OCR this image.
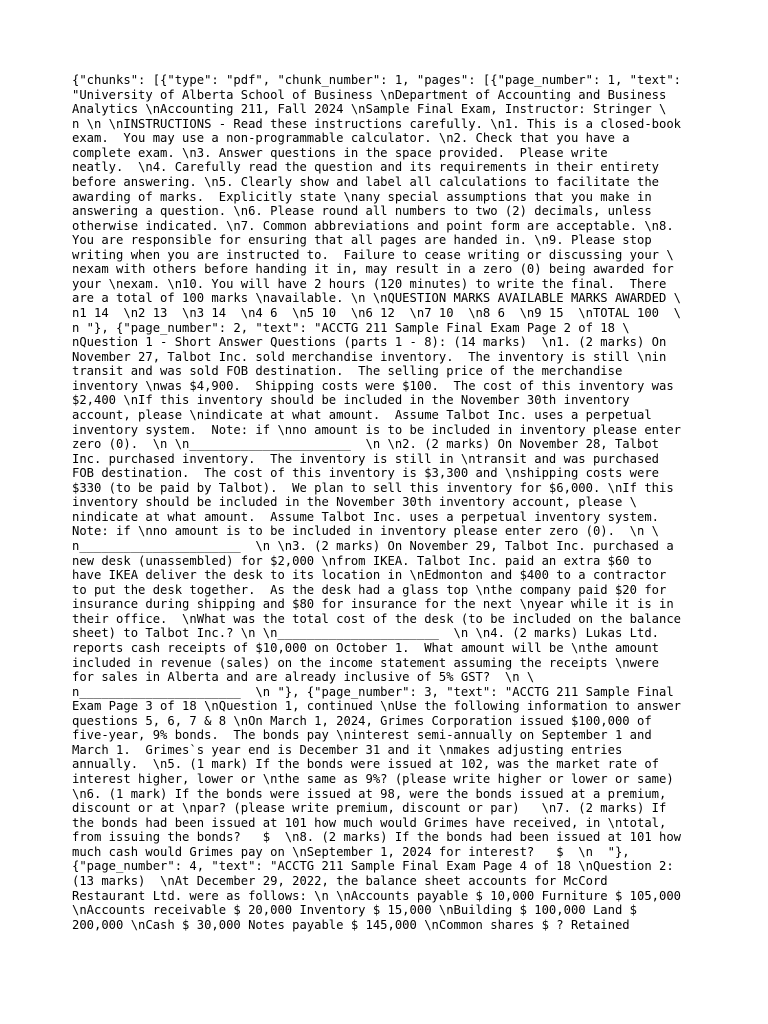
{"chunks": [{"type": "pdf", "chunk_number": 1, "pages": [{"page_number": 1, "text":
"University of Alberta School of Business \nDepartment of Accounting and Business
Analytics \nAccounting 211, Fall 2024 \nSample Final Exam, Instructor: Stringer \
n \n \nINSTRUCTIONS - Read these instructions carefully. \n1. This is a closed-book
exam.  You may use a non-programmable calculator. \n2. Check that you have a
complete exam. \n3. Answer questions in the space provided.  Please write
neatly.  \n4. Carefully read the question and its requirements in their entirety
before answering. \n5. Clearly show and label all calculations to facilitate the
awarding of marks.  Explicitly state \nany special assumptions that you make in
answering a question. \n6. Please round all numbers to two (2) decimals, unless
otherwise indicated. \n7. Common abbreviations and point form are acceptable. \n8.
You are responsible for ensuring that all pages are handed in. \n9. Please stop
writing when you are instructed to.  Failure to cease writing or discussing your \
nexam with others before handing it in, may result in a zero (0) being awarded for
your \nexam. \n10. You will have 2 hours (120 minutes) to write the final.  There
are a total of 100 marks \navailable. \n \nQUESTION MARKS AVAILABLE MARKS AWARDED \
n1 14  \n2 13  \n3 14  \n4 6  \n5 10  \n6 12  \n7 10  \n8 6  \n9 15  \nTOTAL 100  \
n "}, {"page_number": 2, "text": "ACCTG 211 Sample Final Exam Page 2 of 18 \
nQuestion 1 - Short Answer Questions (parts 1 - 8): (14 marks)  \n1. (2 marks) On
November 27, Talbot Inc. sold merchandise inventory.  The inventory is still \nin
transit and was sold FOB destination.  The selling price of the merchandise
inventory \nwas $4,900.  Shipping costs were $100.  The cost of this inventory was
$2,400 \nIf this inventory should be included in the November 30th inventory
account, please \nindicate at what amount.  Assume Talbot Inc. uses a perpetual
inventory system.  Note: if \nno amount is to be included in inventory please enter
zero (0).  \n \n______________________  \n \n2. (2 marks) On November 28, Talbot
Inc. purchased inventory.  The inventory is still in \ntransit and was purchased
FOB destination.  The cost of this inventory is $3,300 and \nshipping costs were
$330 (to be paid by Talbot).  We plan to sell this inventory for $6,000. \nIf this
inventory should be included in the November 30th inventory account, please \
nindicate at what amount.  Assume Talbot Inc. uses a perpetual inventory system.
Note: if \nno amount is to be included in inventory please enter zero (0).  \n \
n______________________  \n \n3. (2 marks) On November 29, Talbot Inc. purchased a
new desk (unassembled) for $2,000 \nfrom IKEA. Talbot Inc. paid an extra $60 to
have IKEA deliver the desk to its location in \nEdmonton and $400 to a contractor
to put the desk together.  As the desk had a glass top \nthe company paid $20 for
insurance during shipping and $80 for insurance for the next \nyear while it is in
their office.  \nWhat was the total cost of the desk (to be included on the balance
sheet) to Talbot Inc.? \n \n______________________  \n \n4. (2 marks) Lukas Ltd.
reports cash receipts of $10,000 on October 1.  What amount will be \nthe amount
included in revenue (sales) on the income statement assuming the receipts \nwere
for sales in Alberta and are already inclusive of 5% GST?  \n \
n______________________  \n "}, {"page_number": 3, "text": "ACCTG 211 Sample Final
Exam Page 3 of 18 \nQuestion 1, continued \nUse the following information to answer
questions 5, 6, 7 & 8 \nOn March 1, 2024, Grimes Corporation issued $100,000 of
five-year, 9% bonds.  The bonds pay \ninterest semi-annually on September 1 and
March 1.  Grimes`s year end is December 31 and it \nmakes adjusting entries
annually.  \n5. (1 mark) If the bonds were issued at 102, was the market rate of
interest higher, lower or \nthe same as 9%? (please write higher or lower or same)
\n6. (1 mark) If the bonds were issued at 98, were the bonds issued at a premium,
discount or at \npar? (please write premium, discount or par)   \n7. (2 marks) If
the bonds had been issued at 101 how much would Grimes have received, in \ntotal,
from issuing the bonds?   $  \n8. (2 marks) If the bonds had been issued at 101 how
much cash would Grimes pay on \nSeptember 1, 2024 for interest?   $  \n  "},
{"page_number": 4, "text": "ACCTG 211 Sample Final Exam Page 4 of 18 \nQuestion 2:
(13 marks)  \nAt December 29, 2022, the balance sheet accounts for McCord
Restaurant Ltd. were as follows: \n \nAccounts payable $ 10,000 Furniture $ 105,000
\nAccounts receivable $ 20,000 Inventory $ 15,000 \nBuilding $ 100,000 Land $
200,000 \nCash $ 30,000 Notes payable $ 145,000 \nCommon shares $ ? Retained
